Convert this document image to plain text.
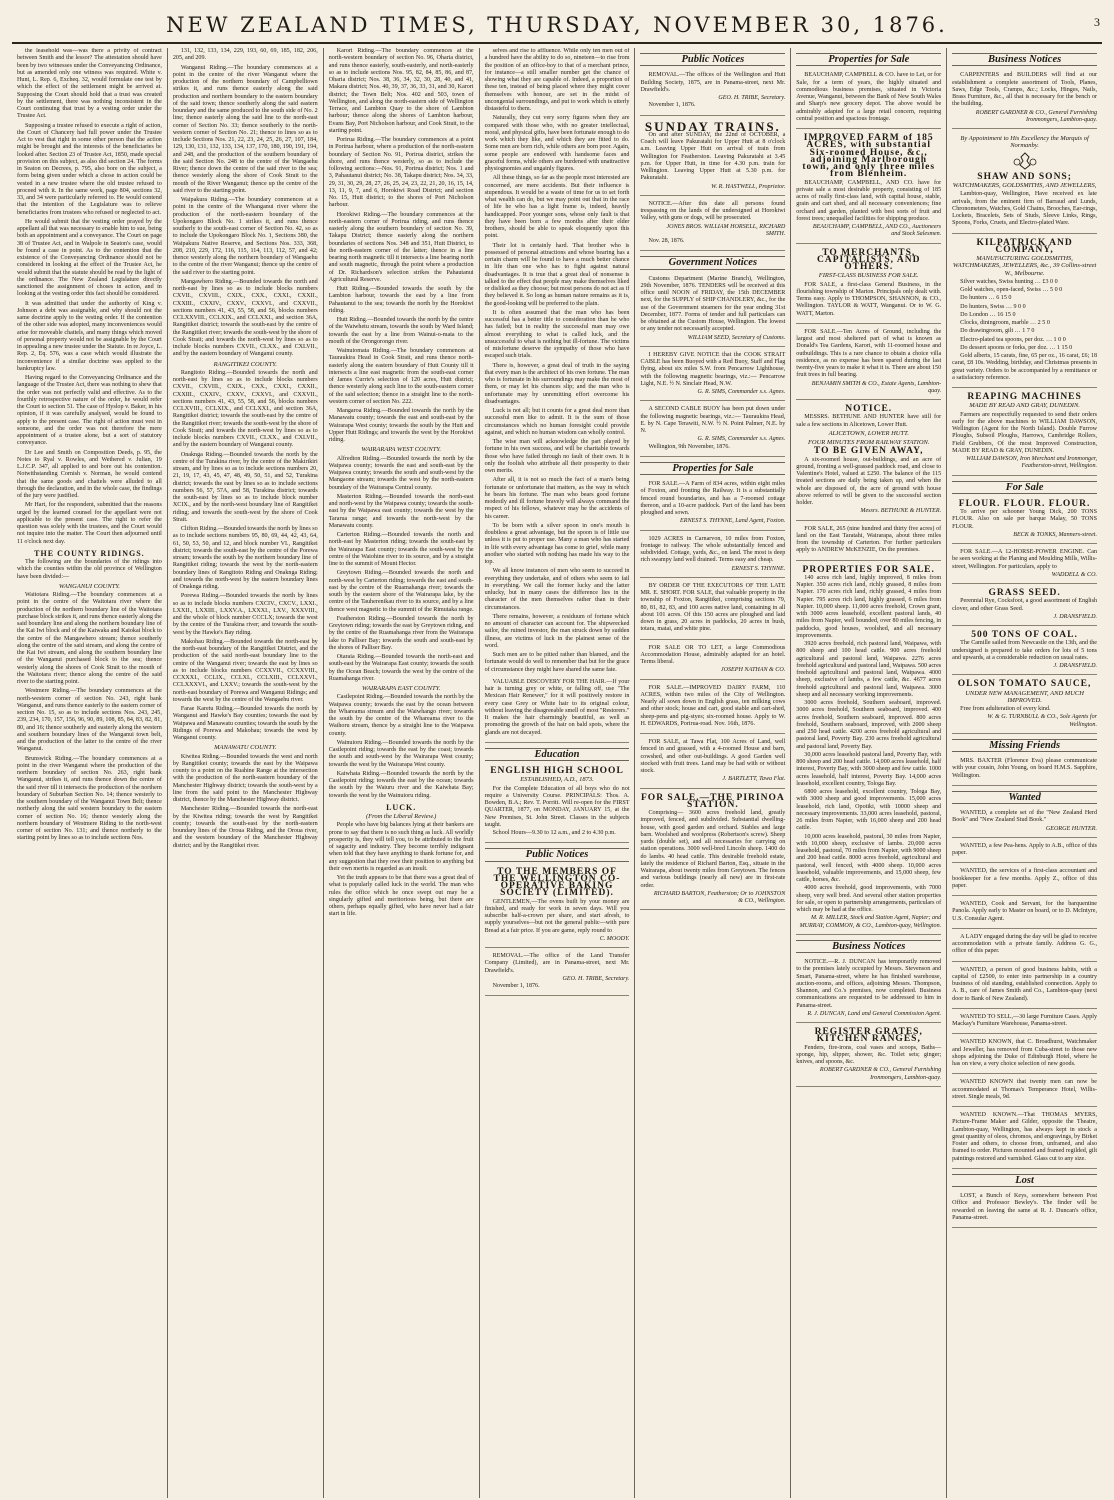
NEW ZEALAND TIMES, THURSDAY, NOVEMBER 30, 1876.	3

the leasehold was—was there a privity of contract between Smith and the lessor? The attestation should have been by two witnesses under the Conveyancing Ordinance, but as amended only one witness was required. White v. Hunt, L. Rep. 6, Excheq. 32, would formulate one test by which the effect of the settlement might be arrived at. Supposing the Court should hold that a trust was created by the settlement, there was nothing inconsistent in the Court continuing that trust by a vesting order under the Trustee Act.

Supposing a trustee refused to execute a right of action, the Court of Chancery had full power under the Trustee Act to vest that right in some other person that the action might be brought and the interests of the beneficiaries be looked after. Section 23 of Trustee Act, 1850, made special provision on this subject, as also did section 24. The forms in Seaton on Decrees, p. 795, also bore on the subject, a form being given under which a chose in action could be vested in a new trustee where the old trustee refused to proceed with it. In the same work, page 804, sections 32, 33, and 34 were particularly referred to. He would contend that the intention of the Legislature was to relieve beneficiaries from trustees who refused or neglected to act.

He would submit that the vesting order prayed by the appellant all that was necessary to enable him to sue, being both an appointment and a conveyance. The Court on page 38 of Trustee Act, and in Walpole in Seaton's case, would be found a case in point. As to the contention that the existence of the Conveyancing Ordinance should not be considered in looking at the effect of the Trustee Act, he would submit that the statute should be read by the light of the ordinance. The New Zealand Legislature directly sanctioned the assignment of choses in action, and in looking at the vesting order this fact should be considered.

It was admitted that under the authority of King v. Johnson a debt was assignable, and why should not the same doctrine apply to the vesting order. If the contention of the other side was adopted, many inconveniences would arise for moveable chattels, and many things which moved of personal property would not be assignable by the Court in appealing a new trustee under the Statute. In re Joyce, L. Rep. 2, Eq. 576, was a case which would illustrate the inconvenience if a similar doctrine was applied to the bankruptcy law.

Having regard to the Conveyancing Ordinance and the language of the Trustee Act, there was nothing to shew that the order was not perfectly valid and effective. As to the fourthly retrospective nature of the order, he would refer the Court to section 51. The case of Hyslop v. Baker, in his opinion, if it was carefully analysed, would be found to apply to the present case. The right of action must vest in someone, and the order was not therefore the mere appointment of a trustee alone, but a sort of statutory conveyance.

Dr Lee and Smith on Composition Deeds, p. 95, the Notes to Ryal v. Rowles, and Wethered v. Julian, 19 L.J.C.P. 347, all applied to and bore out his contention. Notwithstanding Cornish v. Norman, he would contend that the same goods and chattels were alluded to all through the declaration, and in the whole case, the findings of the jury were justified.

Mr Hart, for the respondent, submitted that the reasons urged by the learned counsel for the appellant were not applicable to the present case. The right to refer the question was solely with the trustees, and the Court would not inquire into the matter. The Court then adjourned until 11 o'clock next day.

THE COUNTY RIDINGS.

The following are the boundaries of the ridings into which the counties within the old province of Wellington have been divided:—

WANGANUI COUNTY.

Waitotara Riding.—The boundary commences at a point in the centre of the Waitotara river where the production of the northern boundary line of the Waitotara purchase block strikes it, and runs thence easterly along the said boundary line and along the northern boundary line of the Kai Iwi block and of the Kaiwaka and Kaiokai block to the centre of the Mangawhero stream; thence southerly along the centre of the said stream, and along the centre of the Kai Iwi stream, and along the southern boundary line of the Wanganui purchased block to the sea; thence westerly along the shores of Cook Strait to the mouth of the Waitotara river; thence along the centre of the said river to the starting point.

Westmere Riding.—The boundary commences at the north-western corner of section No. 243, right bank Wanganui, and runs thence easterly to the eastern corner of section No. 15, so as to include sections Nos. 243, 245, 239, 234, 170, 157, 156, 96, 90, 89, 108, 85, 84, 83, 82, 81, 80, and 16; thence southerly and easterly along the western and southern boundary lines of the Wanganui town belt, and the production of the latter to the centre of the river Wanganui.

Brunswick Riding.—The boundary commences at a point in the river Wanganui where the production of the northern boundary of section No. 263, right bank Wanganui, strikes it, and runs thence down the centre of the said river till it intersects the production of the northern boundary of Suburban Section No. 14; thence westerly to the southern boundary of the Wanganui Town Belt; thence northerly along the said western boundary to the eastern corner of section No. 16; thence westerly along the northern boundary of Westmere Riding to the north-west corner of section No. 131; and thence northerly to the starting point by lines so as to include sections Nos.

131, 132, 133, 134, 229, 193, 60, 69, 185, 182, 206, 205, and 209.

Wanganui Riding.—The boundary commences at a point in the centre of the river Wanganui where the production of the northern boundary of Campbelltown strikes it, and runs thence easterly along the said production and northern boundary to the eastern boundary of the said town; thence southerly along the said eastern boundary and the same produced to the south side of No. 2 line; thence easterly along the said line to the north-east corner of Section No. 33; thence southerly to the north-western corner of Section No. 21; thence to lines so as to include Sections Nos. 21, 22, 23, 24, 25, 26, 27, 107, 184, 129, 130, 131, 132, 133, 134, 137, 170, 180, 190, 191, 194, and 248, and the production of the southern boundary of the said Section No. 248 to the centre of the Wangaehu River; thence down the centre of the said river to the sea; thence westerly along the shore of Cook Strait to the mouth of the River Wanganui; thence up the centre of the said river to the starting point.

Waipakura Riding.—The boundary commences at a point in the centre of the Whanganui river where the production of the north-eastern boundary of the Upokongaro Block No. 1 strikes it, and runs thence southerly to the south-east corner of Section No. 42, so as to include the Upokongaro Block No. 1, Sections 380, the Waipakura Native Reserve, and Sections Nos. 333, 368, 208, 210, 229, 172, 116, 115, 114, 113, 112, 57, and 42; thence westerly along the northern boundary of Wangaehu to the centre of the river Wanganui; thence up the centre of the said river to the starting point.

Mangawhero Riding.—Bounded towards the north and north-east by lines so as to include blocks numbers CXVII., CXVIII., CXIX., CXX., CXXI., CXXII., CXXIII., CXXIV., CXXV., CXXVI., and CXXVII., sections numbers 41, 43, 55, 58, and 56, blocks numbers CCLXXVIII., CCLXIX., and CCLXXI., and section 36A, Rangitikei district; towards the south-east by the centre of the Rangitikei river; towards the south-west by the shore of Cook Strait; and towards the north-west by lines so as to include blocks numbers CXVII., CLXX., and CXLVII., and by the eastern boundary of Wanganui county.

RANGITIKEI COUNTY.

Rangitoto Riding.—Bounded towards the north and north-east by lines so as to include blocks numbers CXVII., CXVIII., CXIX., CXX., CXXI., CXXII., CXXIII., CXXIV., CXXV., CXXVI., and CXXVII., sections numbers 41, 43, 55, 58, and 56, blocks numbers CCLXVIII., CCLXIX., and CCLXXI., and section 36A, Rangitikei district; towards the south-east by the centre of the Rangitikei river; towards the south-west by the shore of Cook Strait; and towards the north-west by lines so as to include blocks numbers CXVII., CLXX., and CXLVII., and by the eastern boundary of Wanganui county.

Onaknga Riding.—Bounded towards the north by the centre of the Turakina river, by the centre of the Makirikiri stream, and by lines so as to include sections numbers 20, 21, 19, 17, 43, 45, 47, 48, 49, 50, 51, and 52, Turakina district; towards the east by lines so as to include sections numbers 56, 57, 57A, and 58, Turakina district; towards the south-east by lines so as to include block number XCIX., and by the north-west boundary line of Rangitikei riding; and towards the south-west by the shore of Cook Strait.

Clifton Riding.—Bounded towards the north by lines so as to include sections numbers 95, 80, 69, 44, 42, 43, 64, 61, 50, 53, 50, and 12, and block number VI., Rangitikei district; towards the south-east by the centre of the Porewa stream; towards the south by the northern boundary line of Rangitikei riding; towards the west by the north-eastern boundary lines of Rangitoto Riding and Onaknga Riding; and towards the north-west by the eastern boundary lines of Onaknga riding.

Porewa Riding.—Bounded towards the north by lines so as to include blocks numbers CXCIV., CXCV., LXXI., LXXII., LXXIII., LXXV.A., LXXXI., LXV., XXXVIII., and the whole of block number CCCLX; towards the west by the centre of the Turakina river; and towards the south-west by the Hawke's Bay riding.

Makohau Riding.—Bounded towards the north-east by the north-east boundary of the Rangitikei District, and the production of the said north-east boundary line to the centre of the Wanganui river; towards the east by lines so as to include blocks numbers CCXXVII., CCXXVIII., CCXXXI., CCLIX., CCLXI., CCLXIII., CCLXXVI., CCLXXXVI., and LXXV.; towards the south-west by the north-east boundary of Porewa and Wanganui Ridings; and towards the west by the centre of the Wangaehu river.

Farae Karetu Riding.—Bounded towards the north by Wanganui and Hawke's Bay counties; towards the east by Waipawa and Manawatu counties; towards the south by the Ridings of Porewa and Makohau; towards the west by Wanganui county.

MANAWATU COUNTY.

Kiwitea Riding.—Bounded towards the west and north by Rangitikei county; towards the east by the Waipawa county to a point on the Ruahine Range at the intersection with the production of the north-eastern boundary of the Manchester Highway district; towards the south-west by a line from the said point to the Manchester Highway district, thence by the Manchester Highway district.

Manchester Riding.—Bounded towards the north-east by the Kiwitea riding; towards the west by Rangitikei county; towards the south-east by the north-eastern boundary lines of the Oroua Riding, and the Oroua river, and the western boundary of the Manchester Highway district; and by the Rangitikei river.

Karori Riding.—The boundary commences at the north-western boundary of section No. 96, Oharia district, and runs thence easterly, south-easterly, and north-easterly so as to include sections Nos. 95, 82, 84, 85, 86, and 87, Oharia district; Nos. 38, 36, 34, 32, 30, 28, 40, and 41, Makara district; Nos. 40, 39, 37, 36, 33, 31, and 30, Karori district; the Town Belt; Nos. 402 and 503, town of Wellington, and along the north-eastern side of Wellington Terrace, and Lambton Quay to the shore of Lambton harbour; thence along the shores of Lambton harbour, Evans Bay, Port Nicholson harbour, and Cook Strait, to the starting point.

Porirua Riding.—The boundary commences at a point in Porirua harbour, where a production of the north-eastern boundary of Section No. 91, Porirua district, strikes the shore, and runs thence westerly, so as to include the following sections:—Nos. 91, Porirua district; Nos. 1 and 3, Pahautanui district; No. 38, Takapu district; Nos. 34, 33, 29, 31, 30, 29, 28, 27, 26, 25, 24, 23, 22, 21, 20, 16, 15, 14, 13, 11, 9, 7, and 6, Horokiwi Road District; and section No. 15, Hutt district; to the shores of Port Nicholson harbour.

Horokiwi Riding.—The boundary commences at the north-eastern corner of Porirua riding, and runs thence easterly along the southern boundary of section No. 39, Takapu District; thence easterly along the northern boundaries of sections Nos. 348 and 351, Hutt District, to the north-eastern corner of the latter; thence in a line bearing north magnetic till it intersects a line bearing north and south magnetic, through the point where a production of Dr. Richardson's selection strikes the Pahautanui Agricultural Reserve.

Hutt Riding.—Bounded towards the south by the Lambton harbour, towards the east by a line from Pahautanui to the sea; towards the north by the Horokiwi riding.

Hutt Riding.—Bounded towards the north by the centre of the Waiwhetu stream, towards the south by Ward Island; towards the east by a line from Wainui-o-mata to the mouth of the Orongorongo river.

Wainuiomata Riding.—The boundary commences at Tauraukira Head in Cook Strait, and runs thence north-easterly along the eastern boundary of Hutt County till it intersects a line east magnetic from the south-east corner of James Currie's selection of 120 acres, Hutt district; thence westerly along such line to the south-eastern corner of the said selection; thence in a straight line to the north-western corner of section No. 222.

Mangaroa Riding.—Bounded towards the north by the Manawatu county; towards the east and south-east by the Wairarapa West county; towards the south by the Hutt and Upper Hutt Ridings; and towards the west by the Horokiwi riding.

WAIRARAPA WEST COUNTY.

Alfredton Riding.—Bounded towards the north by the Waipawa county; towards the east and south-east by the Waipawa county; towards the south and south-west by the Mangaone stream; towards the west by the north-eastern boundary of the Wairarapa Central county.

Masterton Riding.—Bounded towards the north-east and north-west by the Waipawa county; towards the south-east by the Waipawa east county; towards the west by the Tararua range; and towards the north-west by the Manawatu county.

Carterton Riding.—Bounded towards the north and north-east by Masterton riding; towards the south-east by the Wairarapa East county; towards the south-west by the centre of the Waiohine river to its source, and by a straight line to the summit of Mount Hector.

Greytown Riding.—Bounded towards the north and north-west by Carterton riding; towards the east and south-east by the centre of the Ruamahanga river; towards the south by the eastern shore of the Wairarapa lake, by the centre of the Tauherenikau river to its source, and by a line thence west magnetic to the summit of the Rimutaka range.

Featherston Riding.—Bounded towards the north by Greytown riding; towards the east by Greytown riding, and by the centre of the Ruamahanga river from the Wairarapa lake to Palliser Bay; towards the south and south-east by the shores of Palliser Bay.

Otaraia Riding.—Bounded towards the north-east and south-east by the Wairarapa East county; towards the south by the Ocean Beach; towards the west by the centre of the Ruamahanga river.

WAIRARAPA EAST COUNTY.

Castlepoint Riding.—Bounded towards the north by the Waipawa county; towards the east by the ocean between the Whareama stream and the Waiwhango river; towards the south by the centre of the Whareama river to the Waihoru stream, thence by a straight line to the Waipawa county.

Wainuioru Riding.—Bounded towards the north by the Castlepoint riding; towards the east by the coast; towards the south and south-west by the Wairarapa West county; towards the west by the Wairarapa West county.

Kaiwhata Riding.—Bounded towards the north by the Castlepoint riding; towards the east by the ocean; towards the south by the Waiuru river and the Kaiwhata Bay; towards the west by the Wainuioru riding.

LUCK.
(From the Liberal Review.)

People who have big balances lying at their bankers are prone to say that there is no such thing as luck. All worldly prosperity is, they will tell you, to be attributed to the fruit of sagacity and industry. They become terribly indignant when told that they have anything to thank fortune for, and any suggestion that they owe their position to anything but their own merits is regarded as an insult.

Yet the truth appears to be that there was a great deal of what is popularly called luck in the world. The man who rules the office which he once swept out may be a singularly gifted and meritorious being, but there are others, perhaps equally gifted, who have never had a fair start in life.

selves and rise to affluence. While only ten men out of a hundred have the ability to do so, nineteen—to rise from the position of an office-boy to that of a merchant prince, for instance—a still smaller number get the chance of showing what they are capable of. Indeed, a proportion of these ten, instead of being placed where they might cover themselves with honour, are set in the midst of uncongenial surroundings, and put to work which is utterly distasteful to them.

Naturally, they cut very sorry figures when they are compared with those who, with no greater intellectual, moral, and physical gifts, have been fortunate enough to do work which they like, and which they are fitted to do. Some men are born rich, while others are born poor. Again, some people are endowed with handsome faces and graceful forms, while others are burdened with unattractive physiognomies and ungainly figures.

All these things, so far as the people most interested are concerned, are mere accidents. But their influence is stupendous. It would be a waste of time for us to set forth what wealth can do, but we may point out that in the race of life he who has a light frame is, indeed, heavily handicapped. Poor younger sons, whose only fault is that they have been born a few months after their elder brothers, should be able to speak eloquently upon this point.

Their lot is certainly hard. That brother who is possessed of personal attractions and whose bearing has a certain charm will be found to have a much better chance in life than one who has to fight against natural disadvantages. It is true that a great deal of nonsense is talked to the effect that people may make themselves liked or disliked as they choose; but most persons do not act as if they believed it. So long as human nature remains as it is, the good-looking will be preferred to the plain.

It is often assumed that the man who has been successful has a better title to consideration than he who has failed; but in reality the successful man may owe almost everything to what is called luck, and the unsuccessful to what is nothing but ill-fortune. The victims of misfortune deserve the sympathy of those who have escaped such trials.

There is, however, a great deal of truth in the saying that every man is the architect of his own fortune. The man who is fortunate in his surroundings may make the most of them, or may let his chances slip; and the man who is unfortunate may by unremitting effort overcome his disadvantages.

Luck is not all; but it counts for a great deal more than successful men like to admit. It is the sum of those circumstances which no human foresight could provide against, and which no human wisdom can wholly control.

The wise man will acknowledge the part played by fortune in his own success, and will be charitable towards those who have failed through no fault of their own. It is only the foolish who attribute all their prosperity to their own merits.

After all, it is not so much the fact of a man's being fortunate or unfortunate that matters, as the way in which he bears his fortune. The man who bears good fortune modestly and ill fortune bravely will always command the respect of his fellows, whatever may be the accidents of his career.

To be born with a silver spoon in one's mouth is doubtless a great advantage, but the spoon is of little use unless it is put to proper use. Many a man who has started in life with every advantage has come to grief, while many another who started with nothing has made his way to the top.

We all know instances of men who seem to succeed in everything they undertake, and of others who seem to fail in everything. We call the former lucky and the latter unlucky, but in many cases the difference lies in the character of the men themselves rather than in their circumstances.

There remains, however, a residuum of fortune which no amount of character can account for. The shipwrecked sailor, the ruined investor, the man struck down by sudden illness, are victims of luck in the plainest sense of the word.

Such men are to be pitied rather than blamed, and the fortunate would do well to remember that but for the grace of circumstance they might have shared the same fate.

VALUABLE DISCOVERY FOR THE HAIR.—If your hair is turning grey or white, or falling off, use "The Mexican Hair Renewer," for it will positively restore in every case Grey or White hair to its original colour, without leaving the disagreeable smell of most "Restorers." It makes the hair charmingly beautiful, as well as promoting the growth of the hair on bald spots, where the glands are not decayed.

Education
ENGLISH HIGH SCHOOL
ESTABLISHED, A.D., 1873.

For the Complete Education of all boys who do not require a University Course. PRINCIPALS: Thos. A. Bowden, B.A.; Rev. T. Porritt. Will re-open for the FIRST QUARTER, 1877, on MONDAY, JANUARY 15, at the New Premises, St. John Street. Classes in the subjects taught.

School Hours—9.30 to 12 a.m., and 2 to 4.30 p.m.

Public Notices
TO THE MEMBERS OF THE WELLINGTON CO-OPERATIVE BAKING SOCIETY (LIMITED).

GENTLEMEN,—The ovens built by your money are finished, and ready for work in seven days. Will you subscribe half-a-crown per share, and start afresh, to supply yourselves—but not the general public—with pure Bread at a fair price. If you are game, reply round to

C. MOODY.

REMOVAL.—The office of the Land Transfer Company (Limited), are in Panama-street, next Mr. Drawfield's.

GEO. H. TRIBE, Secretary.

November 1, 1876.

Public Notices

REMOVAL.—The offices of the Wellington and Hutt Building Society, 1875, are in Panama-street, next Mr. Drawfield's.

GEO. H. TRIBE, Secretary.

November 1, 1876.

SUNDAY TRAINS.

On and after SUNDAY, the 22nd of OCTOBER, a Coach will leave Pakuratahi for Upper Hutt at 8 o'clock a.m. Leaving Upper Hutt on arrival of train from Wellington for Featherston. Leaving Pakuratahi at 3.45 p.m. for Upper Hutt, in time for 4.30 p.m. train for Wellington. Leaving Upper Hutt at 5.30 p.m. for Pakuratahi.

W. R. HASTWELL, Proprietor.

NOTICE.—After this date all persons found trespassing on the lands of the undersigned at Horokiwi Valley, with guns or dogs, will be prosecuted.

JONES BROS. WILLIAM HORSELL, RICHARD SMITH.

Nov. 28, 1876.

Government Notices

Customs Department (Marine Branch), Wellington, 29th November, 1876. TENDERS will be received at this office until NOON of FRIDAY, the 15th DECEMBER next, for the SUPPLY of SHIP CHANDLERY, &c., for the use of the Government steamers for the year ending 31st December, 1877. Forms of tender and full particulars can be obtained at the Custom House, Wellington. The lowest or any tender not necessarily accepted.

WILLIAM SEED, Secretary of Customs.

I HEREBY GIVE NOTICE that the COOK STRAIT CABLE has been Buoyed with a Red Buoy, Staff and Flag flying, about six miles S.W. from Pencarrow Lighthouse, with the following magnetic bearings, viz.:— Pencarrow Light, N.E. ½ N. Sinclair Head, N.W.

G. R. SIMS, Commander s.s. Agnes.

A SECOND CABLE BUOY has been put down under the following magnetic bearings, viz.:— Tauraukira Head, E. by N. Cape Terawiti, N.W. ½ N. Point Palmer, N.E. by N.

G. R. SIMS, Commander s.s. Agnes.

Wellington, 9th November, 1876.

Properties for Sale

FOR SALE.—A Farm of 834 acres, within eight miles of Foxton, and fronting the Railway. It is a substantially fenced round boundaries, and has a 7-roomed cottage thereon, and a 10-acre paddock. Part of the land has been ploughed and sown.

ERNEST S. THYNNE, Land Agent, Foxton.

1029 ACRES in Carnarvon, 10 miles from Foxton, frontage to railway. The whole substantially fenced and subdivided. Cottage, yards, &c., on land. The most is deep rich swampy land well drained. Terms easy and cheap.

ERNEST S. THYNNE.

BY ORDER OF THE EXECUTORS OF THE LATE MR. E. SHORT. FOR SALE, that valuable property in the township of Foxton, Rangitikei, comprising sections 79, 80, 81, 82, 83, and 100 acres native land, containing in all about 101 acres. Of this 150 acres are ploughed and laid down in grass, 20 acres in paddocks, 20 acres in bush, totara, matai, and white pine.

FOR SALE OR TO LET, a large Commodious Accommodation House, admirably adapted for an hotel. Terms liberal.

JOSEPH NATHAN & CO.

FOR SALE.—IMPROVED DAIRY FARM, 110 ACRES, within two miles of the City of Wellington. Nearly all sown down in English grass, ten milking cows and other stock; house and cart, good stable and cart-shed, sheep-pens and pig-styes; six-roomed house. Apply to W. H. EDWARDS, Porirua-road. Nov. 16th, 1876.

FOR SALE, at Tawa Flat, 100 Acres of Land, well fenced in and grassed, with a 4-roomed House and barn, cowshed, and other out-buildings. A good Garden well stocked with fruit trees. Land may be had with or without stock.

J. BARTLETT, Tawa Flat.

FOR SALE.—THE PIRINOA STATION.

Comprising— 3600 acres freehold land, greatly improved, fenced, and subdivided. Substantial dwelling-house, with good garden and orchard. Stables and large barn. Woolshed and woolpress (Robertson's screw). Sheep yards (double set), and all necessaries for carrying on station operations. 3000 well-bred Lincoln sheep. 1400 do do lambs. 40 head cattle. This desirable freehold estate, lately the residence of Richard Barton, Esq., situate in the Wairarapa, about twenty miles from Greytown. The fences and various buildings (nearly all new) are in first-rate order.

RICHARD BARTON, Featherston; Or to JOHNSTON & CO., Wellington.

Properties for Sale

BEAUCHAMP, CAMPBELL & CO. have to Let, or for Sale, for a term of years, the highly situated and commodious business premises, situated in Victoria Avenue, Wanganui, between the Bank of New South Wales and Sharp's new grocery depot. The above would be admirably adapted for a large retail concern, requiring central position and spacious frontage.

IMPROVED FARM of 185 ACRES, with substantial Six-roomed House, &c., adjoining Marlborough town, and only three miles from Blenheim.

BEAUCHAMP, CAMPBELL, AND CO. have for private sale a most desirable property, consisting of 185 acres of really first-class land, with capital house, stable, grain and cart shed, and all necessary conveniences; fine orchard and garden, planted with best sorts of fruit and forest trees; unequalled facilities for shipping produce.

BEAUCHAMP, CAMPBELL, AND CO., Auctioneers and Stock Salesmen.

TO MERCHANTS, CAPITALISTS, AND OTHERS.
FIRST-CLASS BUSINESS FOR SALE.

FOR SALE, a first-class General Business, in the flourishing township of Marton. Principals only dealt with. Terms easy. Apply to THOMPSON, SHANNON, & CO., Wellington. TAYLOR & WATT, Wanganui. Or to W. G. WATT, Marton.

FOR SALE.—Ten Acres of Ground, including the largest and most sheltered part of what is known as Donald's Tea Gardens, Karori, with 11-roomed house and outbuildings. This is a rare chance to obtain a choice villa residence, as no expense has been spared during the last twenty-five years to make it what it is. There are about 150 fruit trees in full bearing.

BENJAMIN SMITH & CO., Estate Agents, Lambton-quay.

NOTICE.

MESSRS. BETHUNE AND HUNTER have still for sale a few sections in Alicetown, Lower Hutt.

ALICETOWN, LOWER HUTT.
FOUR MINUTES FROM RAILWAY STATION.
TO BE GIVEN AWAY,

A six-roomed house, out-buildings, and an acre of ground, fronting a well-grassed paddock road, and close to Valentine's Hotel, valued at £250. The balance of the 115 treated sections are daily being taken up, and when the whole are disposed of, the acre of ground with house above referred to will be given to the successful section holder.

Messrs. BETHUNE & HUNTER.

FOR SALE, 265 (nine hundred and thirty five acres) of land on the East Taratahi, Wairarapa, about three miles from the township of Carterton. For further particulars apply to ANDREW McKENZIE, On the premises.

PROPERTIES FOR SALE.

140 acres rich land, highly improved, 8 miles from Napier. 350 acres rich land, richly grassed, 8 miles from Napier. 170 acres rich land, richly grassed, 4 miles from Napier. 795 acres rich land, highly grassed, 6 miles from Napier. 10,000 sheep. 11,000 acres freehold, Crown grant, with 3000 acres leasehold, excellent pastoral lands, 40 miles from Napier, well bounded, over 80 miles fencing, in paddocks, good houses, woolshed, and all necessary improvements.

3920 acres freehold, rich pastoral land, Waipawa, with 800 sheep and 100 head cattle. 900 acres freehold agricultural and pastoral land, Waipawa. 2276 acres freehold agricultural and pastoral land, Waipawa. 500 acres freehold agricultural and pastoral land, Waipawa. 4000 sheep, exclusive of lambs, a few cattle, &c. 4677 acres freehold agricultural and pastoral land, Waipawa. 3000 sheep and all necessary working improvements.

3000 acres freehold, Southern seaboard, improved. 3000 acres freehold, Southern seaboard, improved. 400 acres freehold, Southern seaboard, improved. 800 acres freehold, Southern seaboard, improved, with 2000 sheep and 250 head cattle. 4200 acres freehold agricultural and pastoral land, Poverty Bay. 230 acres freehold agricultural and pastoral land, Poverty Bay.

30,000 acres leasehold pastoral land, Poverty Bay, with 800 sheep and 200 head cattle. 14,000 acres leasehold, half interest, Poverty Bay, with 3000 sheep and few cattle. 1000 acres leasehold, half interest, Poverty Bay. 14,000 acres leasehold, excellent country, Tologa Bay.

6800 acres leasehold, excellent country, Tologa Bay, with 3000 sheep and good improvements. 15,000 acres leasehold, rich land, Opotiki, with 10000 sheep and necessary improvements. 33,000 acres leasehold, pastoral, 26 miles from Napier, with 16,000 sheep and 200 head cattle.

10,000 acres leasehold, pastoral, 30 miles from Napier, with 10,000 sheep, exclusive of lambs. 20,000 acres leasehold, pastoral, 70 miles from Napier, with 9000 sheep and 200 head cattle. 8000 acres freehold, agricultural and pastoral, well fenced, with 4000 sheep. 10,000 acres leasehold, valuable improvements, and 15,000 sheep, few cattle, horses, &c.

4000 acres freehold, good improvements, with 7000 sheep, very well bred. And several other station properties for sale, or open to partnership arrangements, particulars of which may be had at the office.

M. R. MILLER, Stock and Station Agent, Napier; and MURRAY, COMMON, & CO., Lambton-quay, Wellington.

Business Notices

NOTICE.—R. J. DUNCAN has temporarily removed to the premises lately occupied by Messrs. Stevenson and Smart, Panama-street, where he has finished warehouse, auction-rooms, and offices, adjoining Messrs. Thompson, Shannon, and Co.'s premises, now completed. Business communications are requested to be addressed to him in Panama-street.

R. J. DUNCAN, Land and General Commission Agent.

REGISTER GRATES, KITCHEN RANGES,

Fenders, fire-irons, coal vases and scoops, Baths—sponge, hip, slipper, shower, &c. Toilet sets; ginger; knives, and spoons, &c.

ROBERT GARDNER & CO., General Furnishing Ironmongers, Lambton-quay.

Business Notices

CARPENTERS and BUILDERS will find at our establishment a complete assortment of Tools, Planes, Saws, Edge Tools, Cramps, &c.; Locks, Hinges, Nails, Brass Furniture, &c., all that is necessary for the bench or the building.

ROBERT GARDNER & CO., General Furnishing Ironmongers, Lambton-quay.

By Appointment to His Excellency the Marquis of Normanby.
SHAW AND SONS;
WATCHMAKERS, GOLDSMITHS, AND JEWELLERS,

Lambton-quay, Wellington, Have received ex late arrivals, from the eminent firm of Barraud and Lunds, Chronometers, Watches, Gold Chains, Brooches, Ear-rings, Lockets, Bracelets, Sets of Studs, Sleeve Links, Rings, Spoons, Forks, Cruets, and Electro-plated Ware.

KILPATRICK AND COMPANY,
MANUFACTURING GOLDSMITHS, WATCHMAKERS, JEWELLERS, &c., 39 Collins-street W., Melbourne.

Silver watches, Swiss hunting … £3 0 0

Gold watches, open-faced, Swiss … 5 0 0

Do hunters … 6 15 0

Do hunters, Swiss … 9 0 0

Do London … 16 15 0

Clocks, diningroom, marble … 2 5 0

Do drawingroom, gilt … 1 7 0

Electro-plated tea spoons, per doz. … 1 0 0

Do dessert spoons or forks, per doz. … 1 15 0

Gold alberts, 15 carats, fine, 65 per oz., 16 carat, £6; 18 carat, £8 10s. Wedding, birthday, and Christmas presents in great variety. Orders to be accompanied by a remittance or a satisfactory reference.

REAPING MACHINES
MADE BY READ AND GRAY, DUNEDIN.

Farmers are respectfully requested to send their orders early for the above machines to WILLIAM DAWSON, Wellington (Agent for the North Island). Double Furrow Ploughs, Subsoil Ploughs, Harrows, Cambridge Rollers, Field Grubbers, Of the most Improved Construction, MADE BY READ & GRAY, DUNEDIN.

WILLIAM DAWSON, Iron Merchant and Ironmonger, Featherston-street, Wellington.

For Sale
FLOUR. FLOUR. FLOUR.

To arrive per schooner Young Dick, 200 TONS FLOUR. Also on sale per barque Malay, 50 TONS FLOUR.

BECK & TONKS, Manners-street.

FOR SALE.—A 12-HORSE-POWER ENGINE. Can be seen working at the Planing and Moulding Mills, Willis-street, Wellington. For particulars, apply to

WADDELL & CO.

GRASS SEED.

Perennial Rye, Cocksfoot, a good assortment of English clover, and other Grass Seed.

J. DRANSFIELD.

500 TONS OF COAL.

The Camille sailed from Newcastle on the 13th, and the undersigned is prepared to take orders for lots of 5 tons and upwards, at a considerable reduction on usual rates.

J. DRANSFIELD.

OLSON TOMATO SAUCE,
UNDER NEW MANAGEMENT, AND MUCH IMPROVED.

Free from adulteration of every kind.

W. & G. TURNBULL & CO., Sole Agents for Wellington.

Missing Friends

MRS. BAXTER (Florence Eva) please communicate with your cousin, John Young, on board H.M.S. Sapphire, Wellington.

Wanted

WANTED, a complete set of the "New Zealand Herd Book" and "New Zealand Stud Book."

GEORGE HUNTER.

WANTED, a few Pea-hens. Apply to A.B., office of this paper.

WANTED, the services of a first-class accountant and bookkeeper for a few months. Apply Z., office of this paper.

WANTED, Cook and Servant, for the barquentine Panola. Apply early to Master on board, or to D. McIntyre, U.S. Consular Agent.

A LADY engaged during the day will be glad to receive accommodation with a private family. Address G. G., office of this paper.

WANTED, a person of good business habits, with a capital of £2500, to enter into partnership in a country business of old standing, established connection. Apply to A. B., care of James Smith and Co., Lambton-quay (next door to Bank of New Zealand).

WANTED TO SELL,—30 large Furniture Cases. Apply Mackay's Furniture Warehouse, Panama-street.

WANTED KNOWN, that C. Broadhurst, Watchmaker and Jeweller, has removed from Cuba-street to those new shops adjoining the Duke of Edinburgh Hotel, where he has on view, a very choice selection of new goods.

WANTED KNOWN that twenty men can now be accommodated at Thomas's Temperance Hotel, Willis-street. Single meals, 9d.

WANTED KNOWN.—That THOMAS MYERS, Picture-Frame Maker and Gilder, opposite the Theatre, Lambton-quay, Wellington, has always kept in stock a great quantity of oleos, chromos, and engravings, by Birket Foster and others, to choose from, unframed, and also framed to order. Pictures mounted and framed regilded, gilt paintings restored and varnished. Glass cut to any size.

Lost

LOST, a Bunch of Keys, somewhere between Post Office and Professor Bewley's. The finder will be rewarded on leaving the same at R. J. Duncan's office, Panama-street.
